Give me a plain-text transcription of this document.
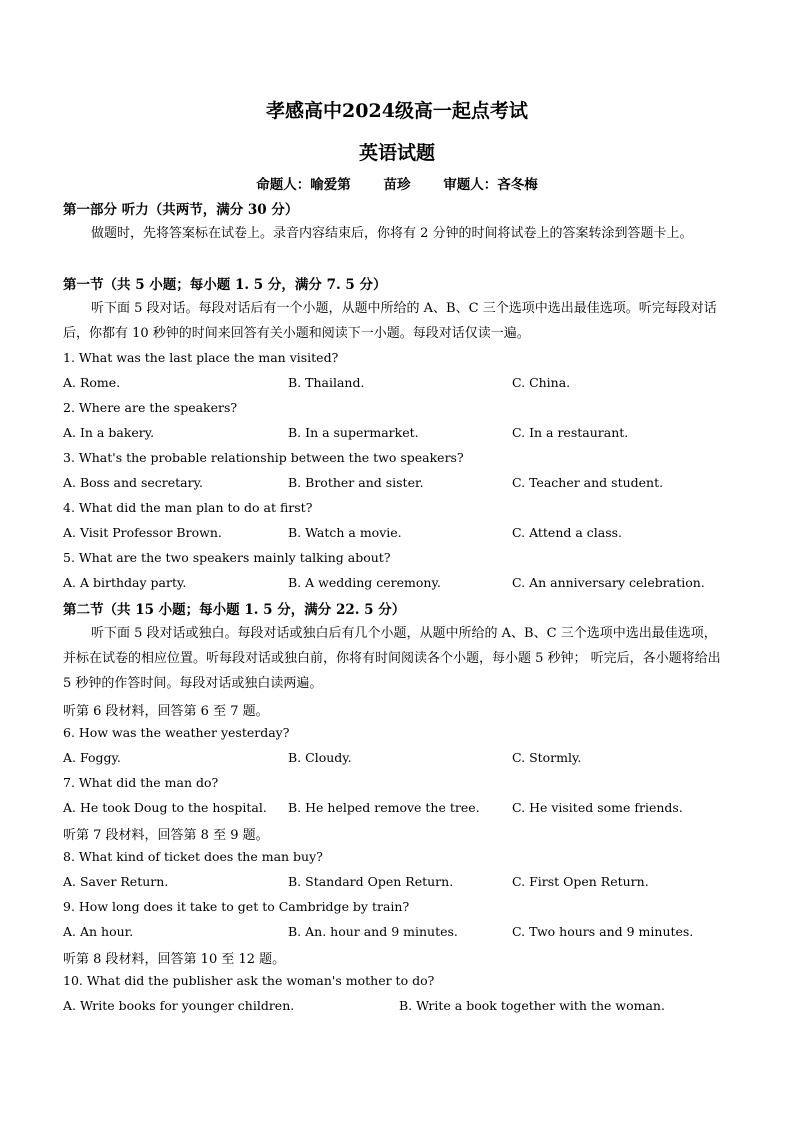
孝感高中2024级高一起点考试
英语试题
命题人：喻爱第 苗珍 审题人：吝冬梅
第一部分 听力（共两节，满分 30 分）
做题时，先将答案标在试卷上。录音内容结束后，你将有 2 分钟的时间将试卷上的答案转涂到答题卡上。
第一节（共 5 小题；每小题 1. 5 分，满分 7. 5 分）
听下面 5 段对话。每段对话后有一个小题，从题中所给的 A、B、C 三个选项中选出最佳选项。听完每段对话后，你都有 10 秒钟的时间来回答有关小题和阅读下一小题。每段对话仅读一遍。
1. What was the last place the man visited?
A. Rome.	B. Thailand.	C. China.
2. Where are the speakers?
A. In a bakery.	B. In a supermarket.	C. In a restaurant.
3. What's the probable relationship between the two speakers?
A. Boss and secretary.	B. Brother and sister.	C. Teacher and student.
4. What did the man plan to do at first?
A. Visit Professor Brown.	B. Watch a movie.	C. Attend a class.
5. What are the two speakers mainly talking about?
A. A birthday party.	B. A wedding ceremony.	C. An anniversary celebration.
第二节（共 15 小题；每小题 1. 5 分，满分 22. 5 分）
听下面 5 段对话或独白。每段对话或独白后有几个小题，从题中所给的 A、B、C 三个选项中选出最佳选项，并标在试卷的相应位置。听每段对话或独白前，你将有时间阅读各个小题，每小题 5 秒钟； 听完后，各小题将给出 5 秒钟的作答时间。每段对话或独白读两遍。
听第 6 段材料，回答第 6 至 7 题。
6. How was the weather yesterday?
A. Foggy.	B. Cloudy.	C. Stormly.
7. What did the man do?
A. He took Doug to the hospital. B. He helped remove the tree.	C. He visited some friends.
听第 7 段材料，回答第 8 至 9 题。
8. What kind of ticket does the man buy?
A. Saver Return.	B. Standard Open Return.	C. First Open Return.
9. How long does it take to get to Cambridge by train?
A. An hour.	B. An. hour and 9 minutes.	C. Two hours and 9 minutes.
听第 8 段材料，回答第 10 至 12 题。
10. What did the publisher ask the woman's mother to do?
A. Write books for younger children.	B. Write a book together with the woman.
